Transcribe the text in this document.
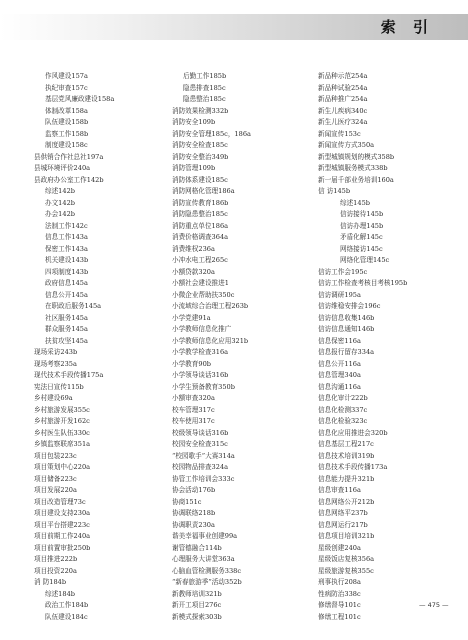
索 引
作风建设157a
执纪审查157c
基层党风廉政建设158a
体制改革158a
队伍建设158b
监察工作158b
制度建设158c
县供销合作社总社197a
县城环境评价240a
县政府办公室工作142b
综述142b
办文142b
办会142b
法制工作142c
信息工作143a
保密工作143a
机关建设143b
四项制度143b
政府信息145a
信息公开145a
在职政后服务145a
社区服务145a
群众服务145a
扶贫攻坚145a
现场采访243b
现场考察235a
现代技术手段传播175a
宪法日宣传115b
乡村建设69a
乡村旅游发展355c
乡村旅游开发162c
乡村医生队伍330c
乡镇监察联席351a
项目包装223c
项目策划中心220a
项目储备223c
项目发展220a
项目改造管理73c
项目建设支持230a
项目平台搭建223c
项目前期工作240a
项目前置审批250b
项目推进222b
项目投资220a
消 防184b
综述184b
政治工作184b
队伍建设184c
后勤工作185b
隐患排查185c
隐患整治185c
消防效果检测332b
消防安全109b
消防安全管理185c，186a
消防安全检查185c
消防安全整治349b
消防管理109b
消防体系建设185c
消防网格化管理186a
消防宣传教育186b
消防隐患整治185c
消防重点单位186a
消费价格调查364a
消费维权236a
小冲水电工程265c
小额贷款320a
小额社会建设推进1
小微企业帮助扶350c
小流域综合治理工程263b
小学党建91a
小学教师信息化推广
小学教师信息化应用321b
小学教学检查316a
小学教育90b
小学领导谈话316b
小学生预备教育350b
小额审查320a
校车管理317c
校车使用317c
校级领导谈话316b
校园安全检查315c
“校园歌手”大赛314a
校园物品排查324a
协管工作培训会333c
协会活动176b
协商151c
协调联络218b
协调职责230a
谐美幸福事业创建99a
谢管德融合114b
心理服务大讲堂363a
心脑血管检测服务338c
“新春旅游季”活动352b
新教师培训321b
新开工项目276c
新模式探索303b
新品种示范254a
新品种试验254a
新品种推广254a
新生儿疾病340c
新生儿医疗324a
新闻宣传153c
新闻宣传方式350a
新型城镇规划的模式358b
新型城镇服务模式338b
新一届千部业务培训160a
信 访145b
综述145b
信访接待145b
信访办理145b
矛盾化解145c
网络接访145c
网络化管理145c
信访工作会195c
信访工作检查考核目考核195b
信访调研195a
信访维稳安排会196c
信访信息收集146b
信访信息通知146b
信息保密116a
信息报行留存334a
信息公开116a
信息管理340a
信息沟通116a
信息化审计222b
信息化检测337c
信息化检验323c
信息化应用推进会320b
信息基层工程217c
信息技术培训319b
信息技术手段传播173a
信息能力提升321b
信息审查116a
信息网络公开212b
信息网络平237b
信息网运行217b
信息项目培训321b
星级创建240a
星级饭店复核356a
星级旅游复核355c
刑事执行208a
性病防治338c
修缮督导101c
修缮工程101c
— 475 —
